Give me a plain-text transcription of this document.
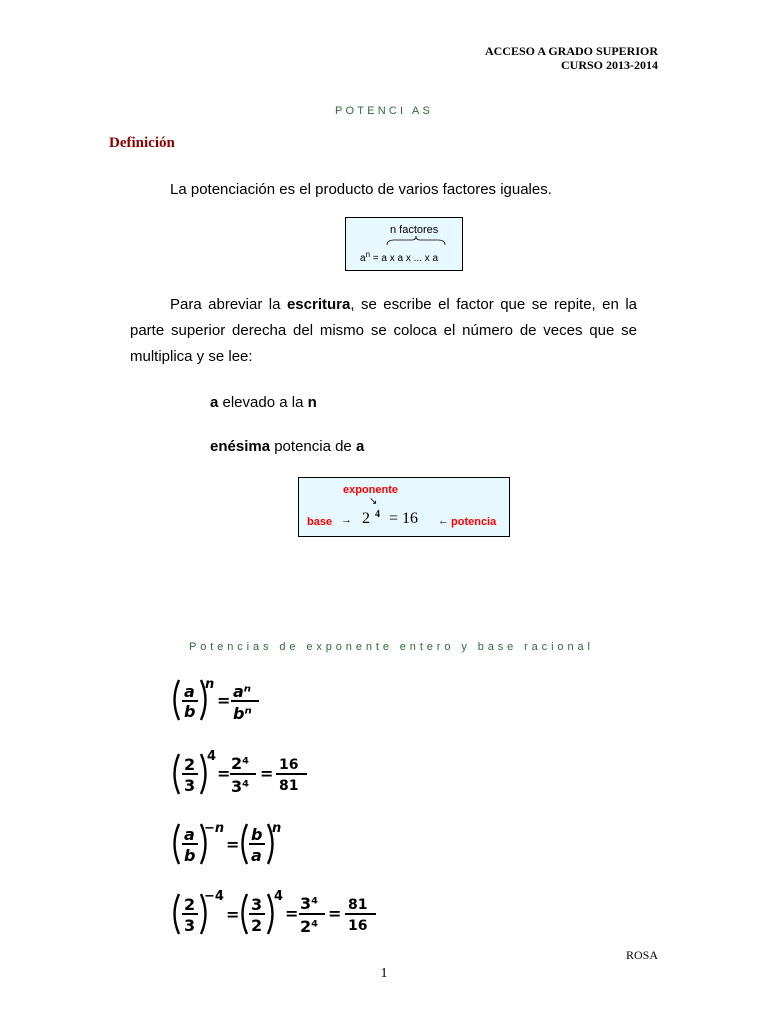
ACCESO A GRADO SUPERIOR
CURSO 2013-2014
POTENCI AS
Definición
La potenciación es el producto de varios factores iguales.
n factores
$a^n = a$ x a x ... x a
Para abreviar la escritura, se escribe el factor que se repite, en la parte superior derecha del mismo se coloca el número de veces que se multiplica y se lee:
a elevado a la n
enésima potencia de a
exponente
↘
base → 2 4 = 16 ← potencia
Potencias de exponente entero y base racional
a
b
n
= aⁿ
bⁿ
2
3
4
=
2⁴
3⁴
= 16
81
a
b
−n
=
b
a
n
2
3
−4
=
3
2
4
=
3⁴
2⁴
= 81
16
ROSA
1
